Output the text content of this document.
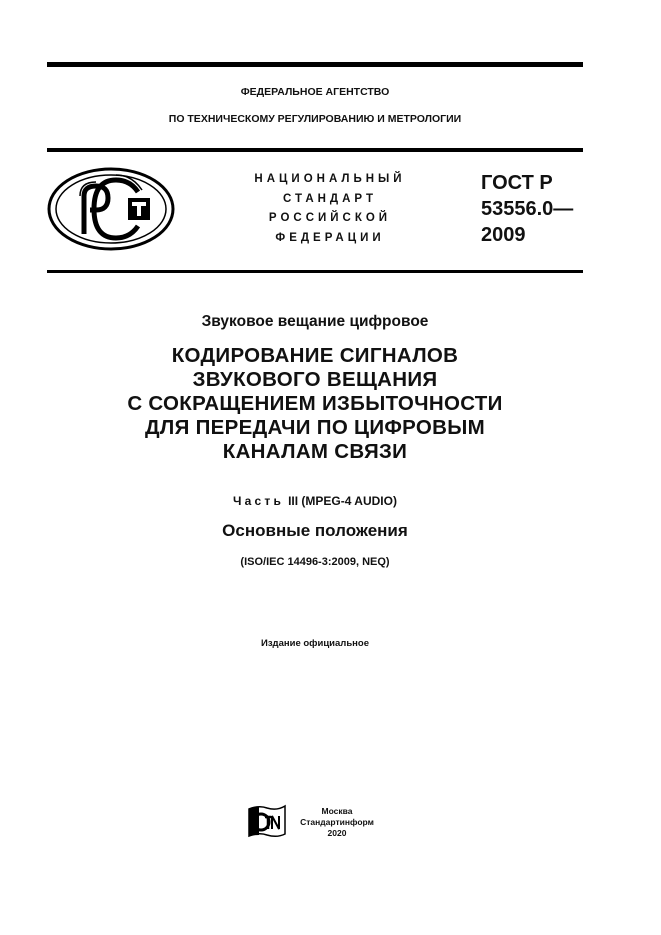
ФЕДЕРАЛЬНОЕ АГЕНТСТВО
ПО ТЕХНИЧЕСКОМУ РЕГУЛИРОВАНИЮ И МЕТРОЛОГИИ
НАЦИОНАЛЬНЫЙ
СТАНДАРТ
РОССИЙСКОЙ
ФЕДЕРАЦИИ
ГОСТ Р
53556.0—
2009
Звуковое вещание цифровое
КОДИРОВАНИЕ СИГНАЛОВ
ЗВУКОВОГО ВЕЩАНИЯ
С СОКРАЩЕНИЕМ ИЗБЫТОЧНОСТИ
ДЛЯ ПЕРЕДАЧИ ПО ЦИФРОВЫМ
КАНАЛАМ СВЯЗИ
Часть III (MPEG-4 AUDIO)
Основные положения
(ISO/IEC 14496-3:2009, NEQ)
Издание официальное
Москва
Стандартинформ
2020
